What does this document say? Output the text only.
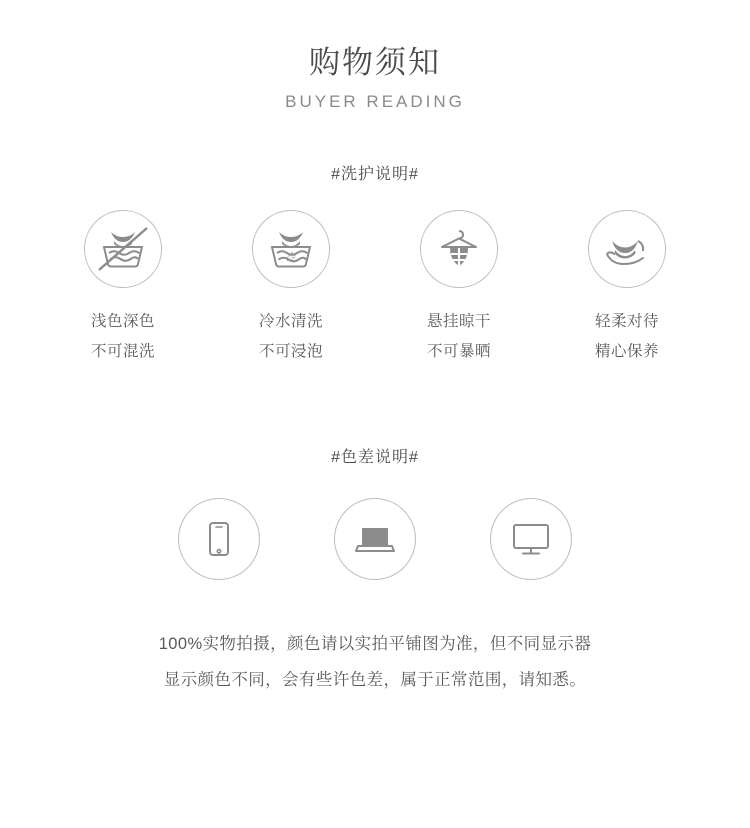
购物须知
BUYER READING
#洗护说明#
浅色深色
不可混洗
冷
冷水清洗
不可浸泡
悬挂晾干
不可暴晒
轻柔对待
精心保养
#色差说明#
100%实物拍摄，颜色请以实拍平铺图为准，但不同显示器
显示颜色不同，会有些许色差，属于正常范围，请知悉。
